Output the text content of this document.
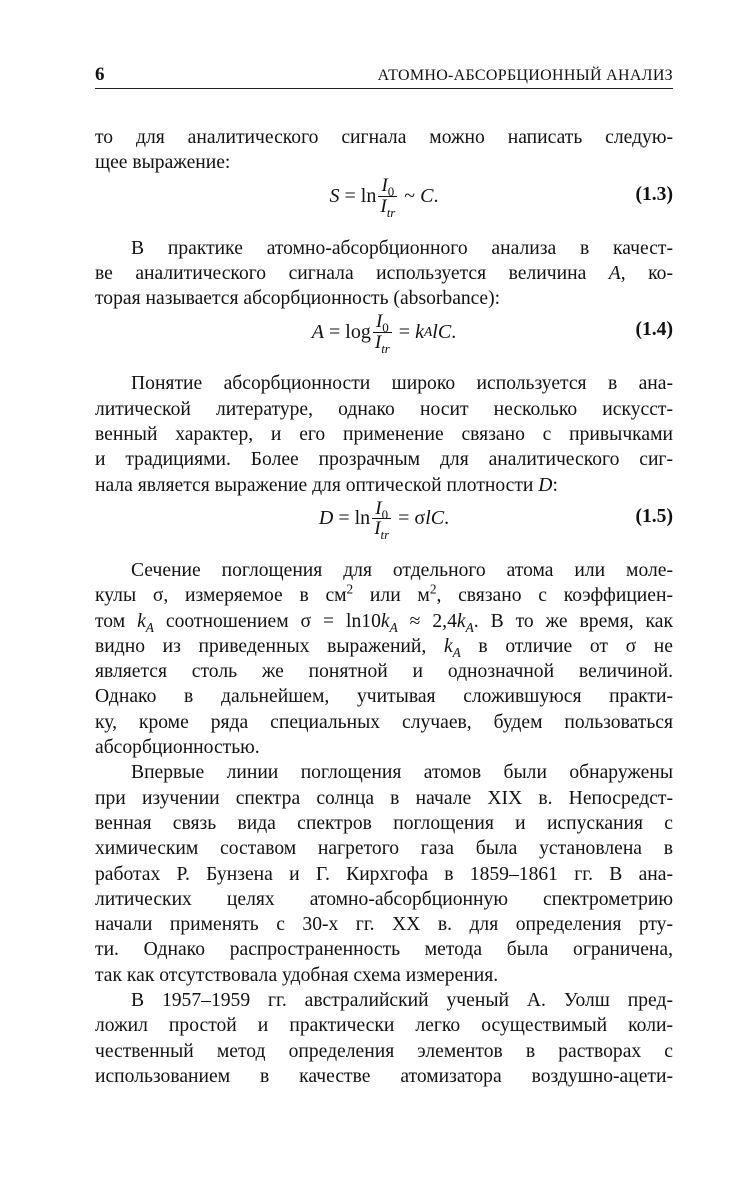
6	АТОМНО-АБСОРБЦИОННЫЙ АНАЛИЗ
то для аналитического сигнала можно написать следую-
щее выражение:
$S = \ln \frac{I_0}{I_{tr}}$ ~ C .	(1.3)
В практике атомно-абсорбционного анализа в качест-
ве аналитического сигнала используется величина A, ко-
торая называется абсорбционность (absorbance):
$A = \log \frac{I_0}{I_{tr}} = k$ A lC .	(1.4)
Понятие абсорбционности широко используется в ана-
литической литературе, однако носит несколько искусст-
венный характер, и его применение связано с привычками
и традициями. Более прозрачным для аналитического сиг-
нала является выражение для оптической плотности D:
$D = \ln \frac{I_0}{I_{tr}} = \sigma$ lC .	(1.5)
Сечение поглощения для отдельного атома или моле-
кулы σ, измеряемое в $см^2$ или $м^2$, связано с коэффициен-
том $k_A$ соотношением $\sigma = \ln 10k_A \approx 2,4k_A$. В то же время, как
видно из приведенных выражений, $k_A$ в отличие от σ не
является столь же понятной и однозначной величиной.
Однако в дальнейшем, учитывая сложившуюся практи-
ку, кроме ряда специальных случаев, будем пользоваться
абсорбционностью.
Впервые линии поглощения атомов были обнаружены
при изучении спектра солнца в начале XIX в. Непосредст-
венная связь вида спектров поглощения и испускания с
химическим составом нагретого газа была установлена в
работах Р. Бунзена и Г. Кирхгофа в 1859–1861 гг. В ана-
литических целях атомно-абсорбционную спектрометрию
начали применять с 30-х гг. XX в. для определения рту-
ти. Однако распространенность метода была ограничена,
так как отсутствовала удобная схема измерения.
В 1957–1959 гг. австралийский ученый А. Уолш пред-
ложил простой и практически легко осуществимый коли-
чественный метод определения элементов в растворах с
использованием в качестве атомизатора воздушно-ацети-
